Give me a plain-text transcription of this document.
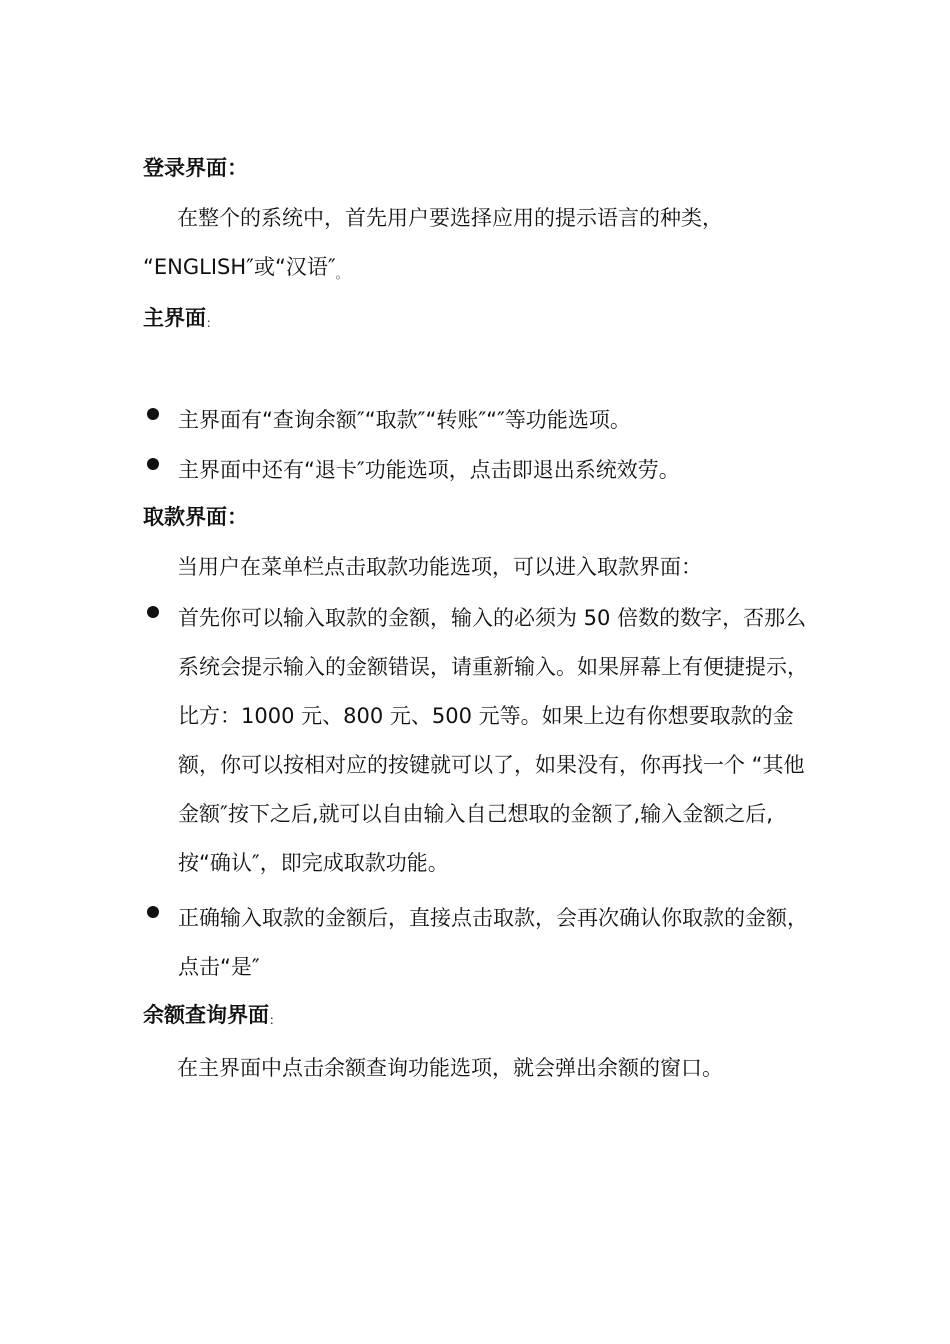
登录界面：
在整个的系统中，首先用户要选择应用的提示语言的种类，
“ENGLISH″或“汉语″。
主界面：
主界面有“查询余额″“取款″“转账″“″等功能选项。
主界面中还有“退卡″功能选项，点击即退出系统效劳。
取款界面：
当用户在菜单栏点击取款功能选项，可以进入取款界面：
首先你可以输入取款的金额，输入的必须为 50 倍数的数字，否那么系统会提示输入的金额错误，请重新输入。如果屏幕上有便捷提示，比方：1000 元、800 元、500 元等。如果上边有你想要取款的金额，你可以按相对应的按键就可以了，如果没有，你再找一个 “其他金额″按下之后,就可以自由输入自己想取的金额了,输入金额之后,按“确认″，即完成取款功能。
正确输入取款的金额后，直接点击取款，会再次确认你取款的金额，点击“是″
余额查询界面：
在主界面中点击余额查询功能选项，就会弹出余额的窗口。
